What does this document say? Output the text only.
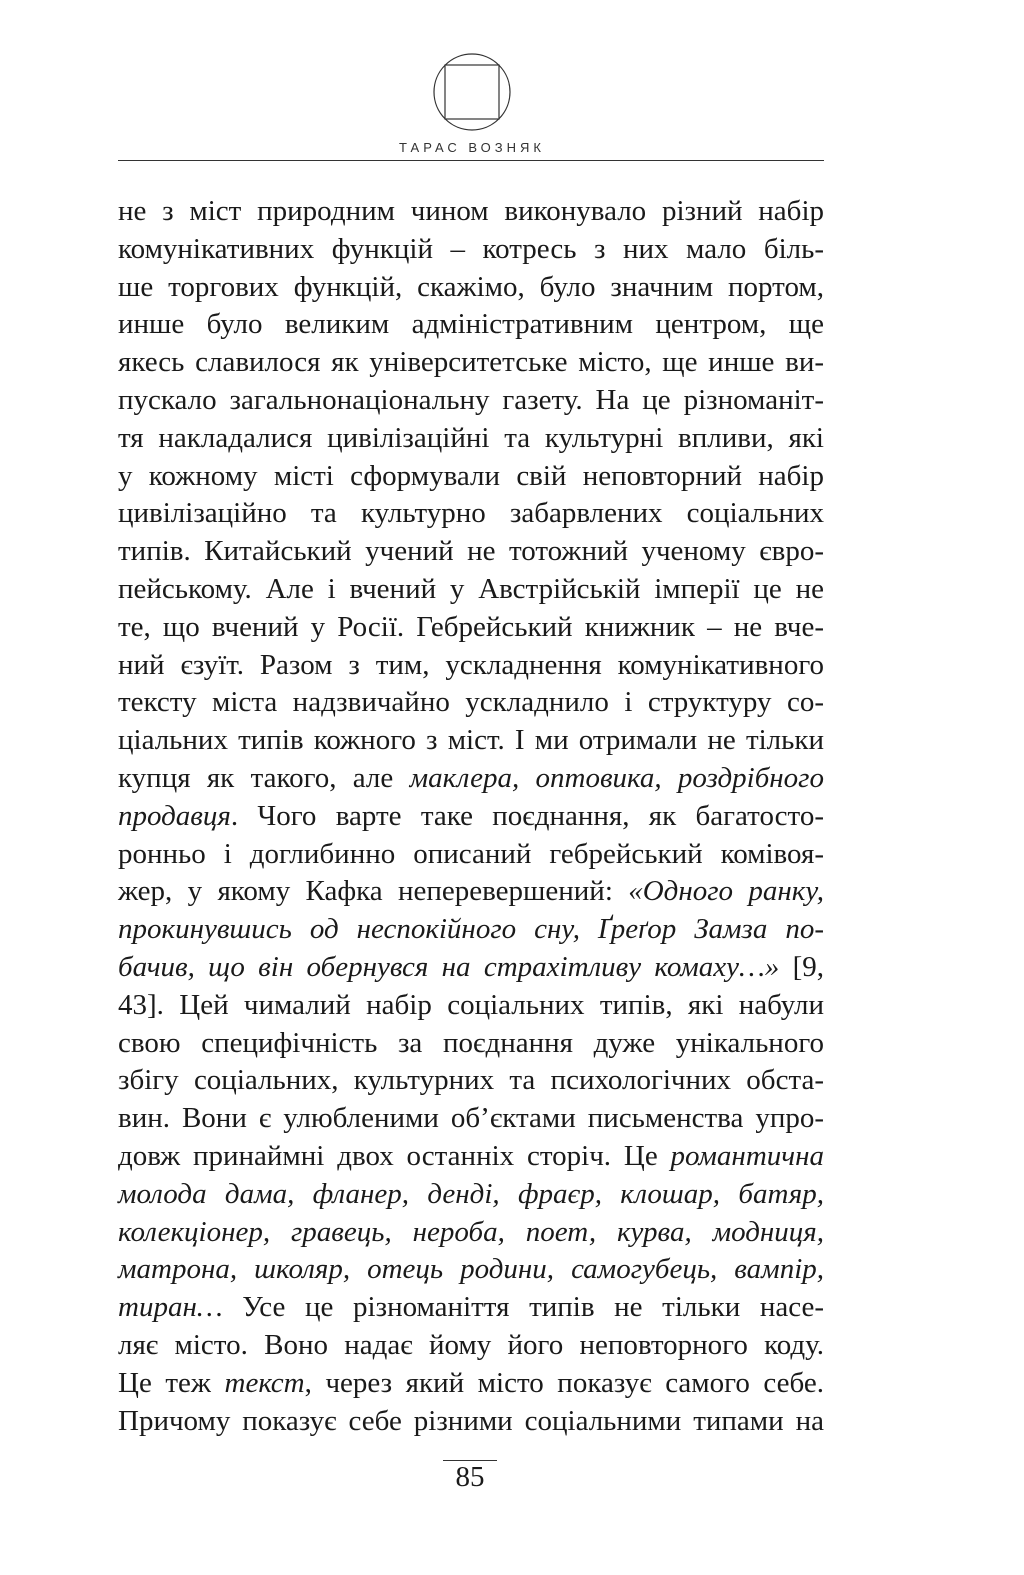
ТАРАС ВОЗНЯК
не з міст природним чином виконувало різний набір
комунікативних функцій – котресь з них мало біль-
ше торгових функцій, скажімо, було значним портом,
инше було великим адміністративним центром, ще
якесь славилося як університетське місто, ще инше ви-
пускало загальнонаціональну газету. На це різноманіт-
тя накладалися цивілізаційні та культурні впливи, які
у кожному місті сформували свій неповторний набір
цивілізаційно та культурно забарвлених соціальних
типів. Китайський учений не тотожний ученому євро-
пейському. Але і вчений у Австрійській імперії це не
те, що вчений у Росії. Гебрейський книжник – не вче-
ний єзуїт. Разом з тим, ускладнення комунікативного
тексту міста надзвичайно ускладнило і структуру со-
ціальних типів кожного з міст. І ми отримали не тільки
купця як такого, але маклера, оптовика, роздрібного
продавця. Чого варте таке поєднання, як багатосто-
ронньо і доглибинно описаний гебрейський комівоя-
жер, у якому Кафка неперевершений: «Одного ранку,
прокинувшись од неспокійного сну, Ґреґор Замза по-
бачив, що він обернувся на страхітливу комаху…» [9,
43]. Цей чималий набір соціальних типів, які набули
свою специфічність за поєднання дуже унікального
збігу соціальних, культурних та психологічних обста-
вин. Вони є улюбленими об’єктами письменства упро-
довж принаймні двох останніх сторіч. Це романтична
молода дама, фланер, денді, фраєр, клошар, батяр,
колекціонер, гравець, нероба, поет, курва, модниця,
матрона, школяр, отець родини, самогубець, вампір,
тиран… Усе це різноманіття типів не тільки насе-
ляє місто. Воно надає йому його неповторного коду.
Це теж текст, через який місто показує самого себе.
Причому показує себе різними соціальними типами на
85
